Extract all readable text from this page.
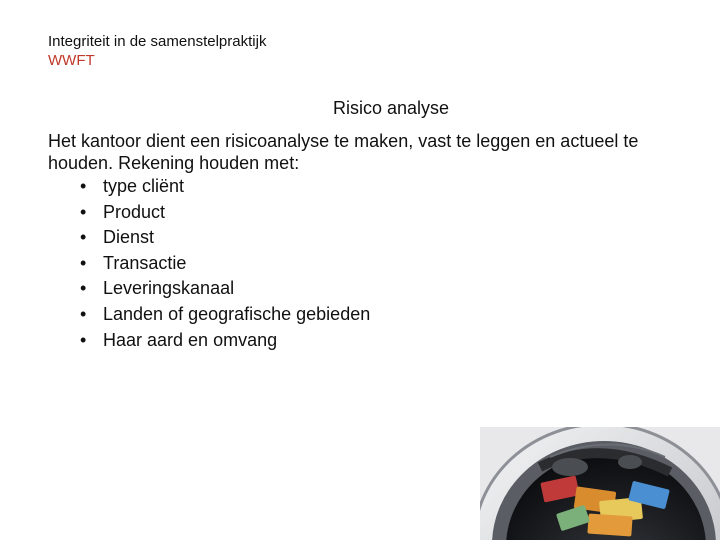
Integriteit in de samenstelpraktijk
WWFT
Risico analyse
Het kantoor dient een risicoanalyse te maken, vast te leggen en actueel te houden. Rekening houden met:
• type cliënt
• Product
• Dienst
• Transactie
• Leveringskanaal
• Landen of geografische gebieden
• Haar aard en omvang
